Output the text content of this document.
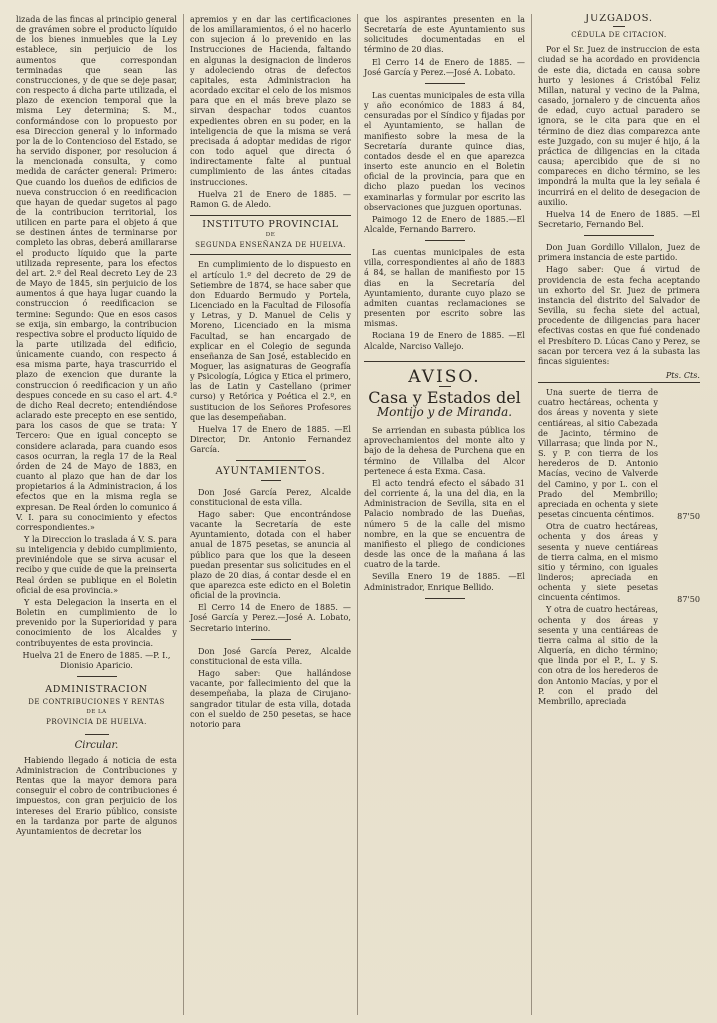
lizada de las fincas al principio general de gravámen sobre el producto líquido de los bienes inmuebles que la Ley establece, sin perjuicio de los aumentos que correspondan terminadas que sean las construcciones, y de que se deje pasar, con respecto á dicha parte utilizada, el plazo de exencion temporal que la misma Ley determina; S. M., conformándose con lo propuesto por esa Direccion general y lo informado por la de lo Contencioso del Estado, se ha servido disponer, por resolucion á la mencionada consulta, y como medida de carácter general: Primero: Que cuando los dueños de edificios de nueva construccion ó en reedificacion que hayan de quedar sugetos al pago de la contribucion territorial, los utilicen en parte para el objeto á que se destinen ántes de terminarse por completo las obras, deberá amillararse el producto líquido que la parte utilizada represente, para los efectos del art. 2.º del Real decreto Ley de 23 de Mayo de 1845, sin perjuicio de los aumentos á que haya lugar cuando la construccion ó reedificacion se termine: Segundo: Que en esos casos se exija, sin embargo, la contribucion respectiva sobre el producto líquido de la parte utilizada del edificio, únicamente cuando, con respecto á esa misma parte, haya trascurrido el plazo de exencion que durante la construccion ó reedificacion y un año despues concede en su caso el art. 4.º de dicho Real decreto; entendiéndose aclarado este precepto en ese sentido, para los casos de que se trata: Y Tercero: Que en igual concepto se considere aclarada, para cuando esos casos ocurran, la regla 17 de la Real órden de 24 de Mayo de 1883, en cuanto al plazo que han de dar los propietarios á la Administracion, á los efectos que en la misma regla se expresan. De Real órden lo comunico á V. I. para su conocimiento y efectos correspondientes.»

Y la Direccion lo traslada á V. S. para su inteligencia y debido cumplimiento, previniéndole que se sirva acusar el recibo y que cuide de que la preinserta Real órden se publique en el Boletin oficial de esa provincia.»

Y esta Delegacion la inserta en el Boletin en cumplimiento de lo prevenido por la Superioridad y para conocimiento de los Alcaldes y contribuyentes de esta provincia.

Huelva 21 de Enero de 1885. —P. I., Dionisio Aparicio.

ADMINISTRACION
DE CONTRIBUCIONES Y RENTAS
DE LA
PROVINCIA DE HUELVA.
Circular.

Habiendo llegado á noticia de esta Administracion de Contribuciones y Rentas que la mayor demora para conseguir el cobro de contribuciones é impuestos, con gran perjuicio de los intereses del Erario público, consiste en la tardanza por parte de algunos Ayuntamientos de decretar los

apremios y en dar las certificaciones de los amillaramientos, ó el no hacerlo con sujecion á lo prevenido en las Instrucciones de Hacienda, faltando en algunas la designacion de linderos y adoleciendo otras de defectos capitales, esta Administracion ha acordado excitar el celo de los mismos para que en el más breve plazo se sirvan despachar todos cuantos expedientes obren en su poder, en la inteligencia de que la misma se verá precisada á adoptar medidas de rigor con todo aquel que directa ó indirectamente falte al puntual cumplimiento de las ántes citadas instrucciones.

Huelva 21 de Enero de 1885. —Ramon G. de Aledo.

INSTITUTO PROVINCIAL
DE
SEGUNDA ENSEÑANZA DE HUELVA.

En cumplimiento de lo dispuesto en el artículo 1.º del decreto de 29 de Setiembre de 1874, se hace saber que don Eduardo Bermudo y Portela, Licenciado en la Facultad de Filosofía y Letras, y D. Manuel de Celis y Moreno, Licenciado en la misma Facultad, se han encargado de explicar en el Colegio de segunda enseñanza de San José, establecido en Moguer, las asignaturas de Geografía y Psicología, Lógica y Etica el primero, las de Latin y Castellano (primer curso) y Retórica y Poética el 2.º, en sustitucion de los Señores Profesores que las desempeñaban.

Huelva 17 de Enero de 1885. —El Director, Dr. Antonio Fernandez García.

AYUNTAMIENTOS.

Don José García Perez, Alcalde constitucional de esta villa.

Hago saber: Que encontrándose vacante la Secretaría de este Ayuntamiento, dotada con el haber anual de 1875 pesetas, se anuncia al público para que los que la deseen puedan presentar sus solicitudes en el plazo de 20 dias, á contar desde el en que aparezca este edicto en el Boletin oficial de la provincia.

El Cerro 14 de Enero de 1885. —José García y Perez.—José A. Lobato, Secretario interino.

Don José García Perez, Alcalde constitucional de esta villa.

Hago saber: Que hallándose vacante, por fallecimiento del que la desempeñaba, la plaza de Cirujano-sangrador titular de esta villa, dotada con el sueldo de 250 pesetas, se hace notorio para

que los aspirantes presenten en la Secretaría de este Ayuntamiento sus solicitudes documentadas en el término de 20 dias.

El Cerro 14 de Enero de 1885. —José García y Perez.—José A. Lobato.

Las cuentas municipales de esta villa y año económico de 1883 á 84, censuradas por el Síndico y fijadas por el Ayuntamiento, se hallan de manifiesto sobre la mesa de la Secretaría durante quince dias, contados desde el en que aparezca inserto este anuncio en el Boletin oficial de la provincia, para que en dicho plazo puedan los vecinos examinarlas y formular por escrito las observaciones que juzguen oportunas.

Paimogo 12 de Enero de 1885.—El Alcalde, Fernando Barrero.

Las cuentas municipales de esta villa, correspondientes al año de 1883 á 84, se hallan de manifiesto por 15 dias en la Secretaría del Ayuntamiento, durante cuyo plazo se admiten cuantas reclamaciones se presenten por escrito sobre las mismas.

Rociana 19 de Enero de 1885. —El Alcalde, Narciso Vallejo.

AVISO.
Casa y Estados del
Montijo y de Miranda.

Se arriendan en subasta pública los aprovechamientos del monte alto y bajo de la dehesa de Purchena que en término de Villalba del Alcor pertenece á esta Exma. Casa.

El acto tendrá efecto el sábado 31 del corriente á, la una del dia, en la Administracion de Sevilla, sita en el Palacio nombrado de las Dueñas, número 5 de la calle del mismo nombre, en la que se encuentra de manifiesto el pliego de condiciones desde las once de la mañana á las cuatro de la tarde.

Sevilla Enero 19 de 1885. —El Administrador, Enrique Bellido.

JUZGADOS.
CÉDULA DE CITACION.

Por el Sr. Juez de instruccion de esta ciudad se ha acordado en providencia de este dia, dictada en causa sobre hurto y lesiones á Cristóbal Feliz Millan, natural y vecino de la Palma, casado, jornalero y de cincuenta años de edad, cuyo actual paradero se ignora, se le cita para que en el término de diez dias comparezca ante este Juzgado, con su mujer é hijo, á la práctica de diligencias en la citada causa; apercibido que de si no compareces en dicho término, se les impondrá la multa que la ley señala é incurrirá en el delito de desegacion de auxilio.

Huelva 14 de Enero de 1885. —El Secretario, Fernando Bel.

Don Juan Gordillo Villalon, Juez de primera instancia de este partido.

Hago saber: Que á virtud de providencia de esta fecha aceptando un exhorto del Sr. Juez de primera instancia del distrito del Salvador de Sevilla, su fecha siete del actual, procedente de diligencias para hacer efectivas costas en que fué condenado el Presbítero D. Lúcas Cano y Perez, se sacan por tercera vez á la subasta las fincas siguientes:

Pts. Cts.

Una suerte de tierra de cuatro hectáreas, ochenta y dos áreas y noventa y siete centiáreas, al sitio Cabezada de Jacinto, término de Villarrasa; que linda por N., S. y P. con tierra de los herederos de D. Antonio Macías, vecino de Valverde del Camino, y por L. con el Prado del Membrillo; apreciada en ochenta y siete pesetas cincuenta céntimos.	87'50

Otra de cuatro hectáreas, ochenta y dos áreas y sesenta y nueve centiáreas de tierra calma, en el mismo sitio y término, con iguales linderos; apreciada en ochenta y siete pesetas cincuenta céntimos.	87'50

Y otra de cuatro hectáreas, ochenta y dos áreas y sesenta y una centiáreas de tierra calma al sitio de la Alquería, en dicho término; que linda por el P., L. y S. con otra de los herederos de don Antonio Macías, y por el P. con el prado del Membrillo, apreciada
